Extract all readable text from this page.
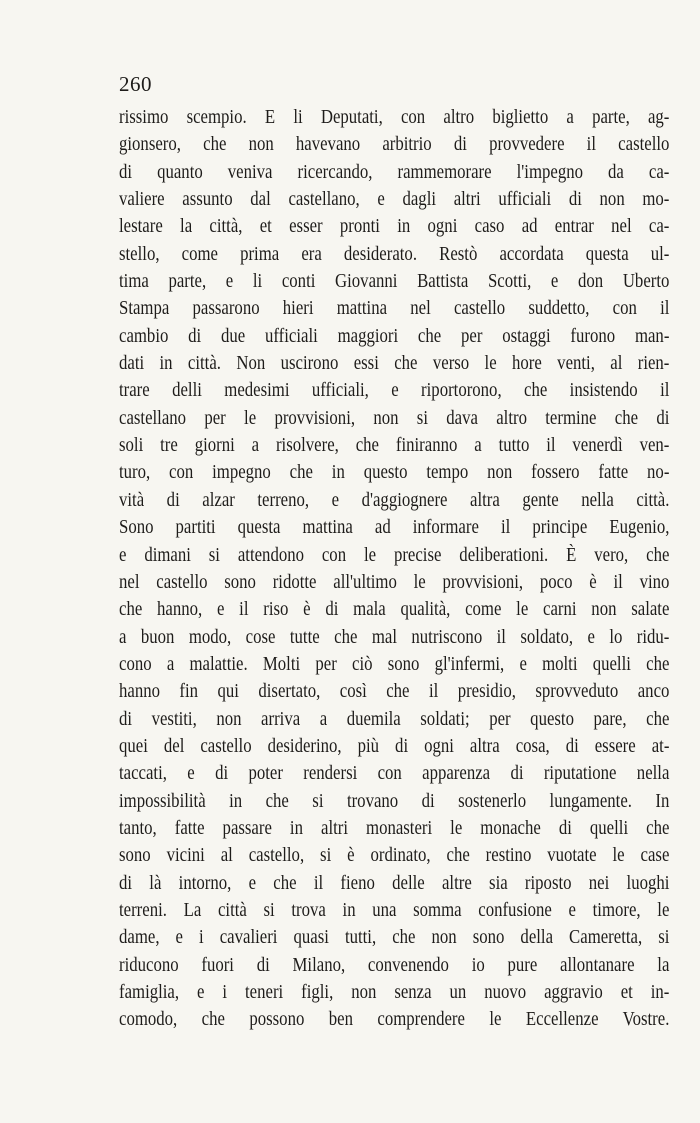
260
rissimo scempio. E li Deputati, con altro biglietto a parte, ag-
gionsero, che non havevano arbitrio di provvedere il castello
di quanto veniva ricercando, rammemorare l'impegno da ca-
valiere assunto dal castellano, e dagli altri ufficiali di non mo-
lestare la città, et esser pronti in ogni caso ad entrar nel ca-
stello, come prima era desiderato. Restò accordata questa ul-
tima parte, e li conti Giovanni Battista Scotti, e don Uberto
Stampa passarono hieri mattina nel castello suddetto, con il
cambio di due ufficiali maggiori che per ostaggi furono man-
dati in città. Non uscirono essi che verso le hore venti, al rien-
trare delli medesimi ufficiali, e riportorono, che insistendo il
castellano per le provvisioni, non si dava altro termine che di
soli tre giorni a risolvere, che finiranno a tutto il venerdì ven-
turo, con impegno che in questo tempo non fossero fatte no-
vità di alzar terreno, e d'aggiognere altra gente nella città.
Sono partiti questa mattina ad informare il principe Eugenio,
e dimani si attendono con le precise deliberationi. È vero, che
nel castello sono ridotte all'ultimo le provvisioni, poco è il vino
che hanno, e il riso è di mala qualità, come le carni non salate
a buon modo, cose tutte che mal nutriscono il soldato, e lo ridu-
cono a malattie. Molti per ciò sono gl'infermi, e molti quelli che
hanno fin qui disertato, così che il presidio, sprovveduto anco
di vestiti, non arriva a duemila soldati; per questo pare, che
quei del castello desiderino, più di ogni altra cosa, di essere at-
taccati, e di poter rendersi con apparenza di riputatione nella
impossibilità in che si trovano di sostenerlo lungamente. In
tanto, fatte passare in altri monasteri le monache di quelli che
sono vicini al castello, si è ordinato, che restino vuotate le case
di là intorno, e che il fieno delle altre sia riposto nei luoghi
terreni. La città si trova in una somma confusione e timore, le
dame, e i cavalieri quasi tutti, che non sono della Cameretta, si
riducono fuori di Milano, convenendo io pure allontanare la
famiglia, e i teneri figli, non senza un nuovo aggravio et in-
comodo, che possono ben comprendere le Eccellenze Vostre.
